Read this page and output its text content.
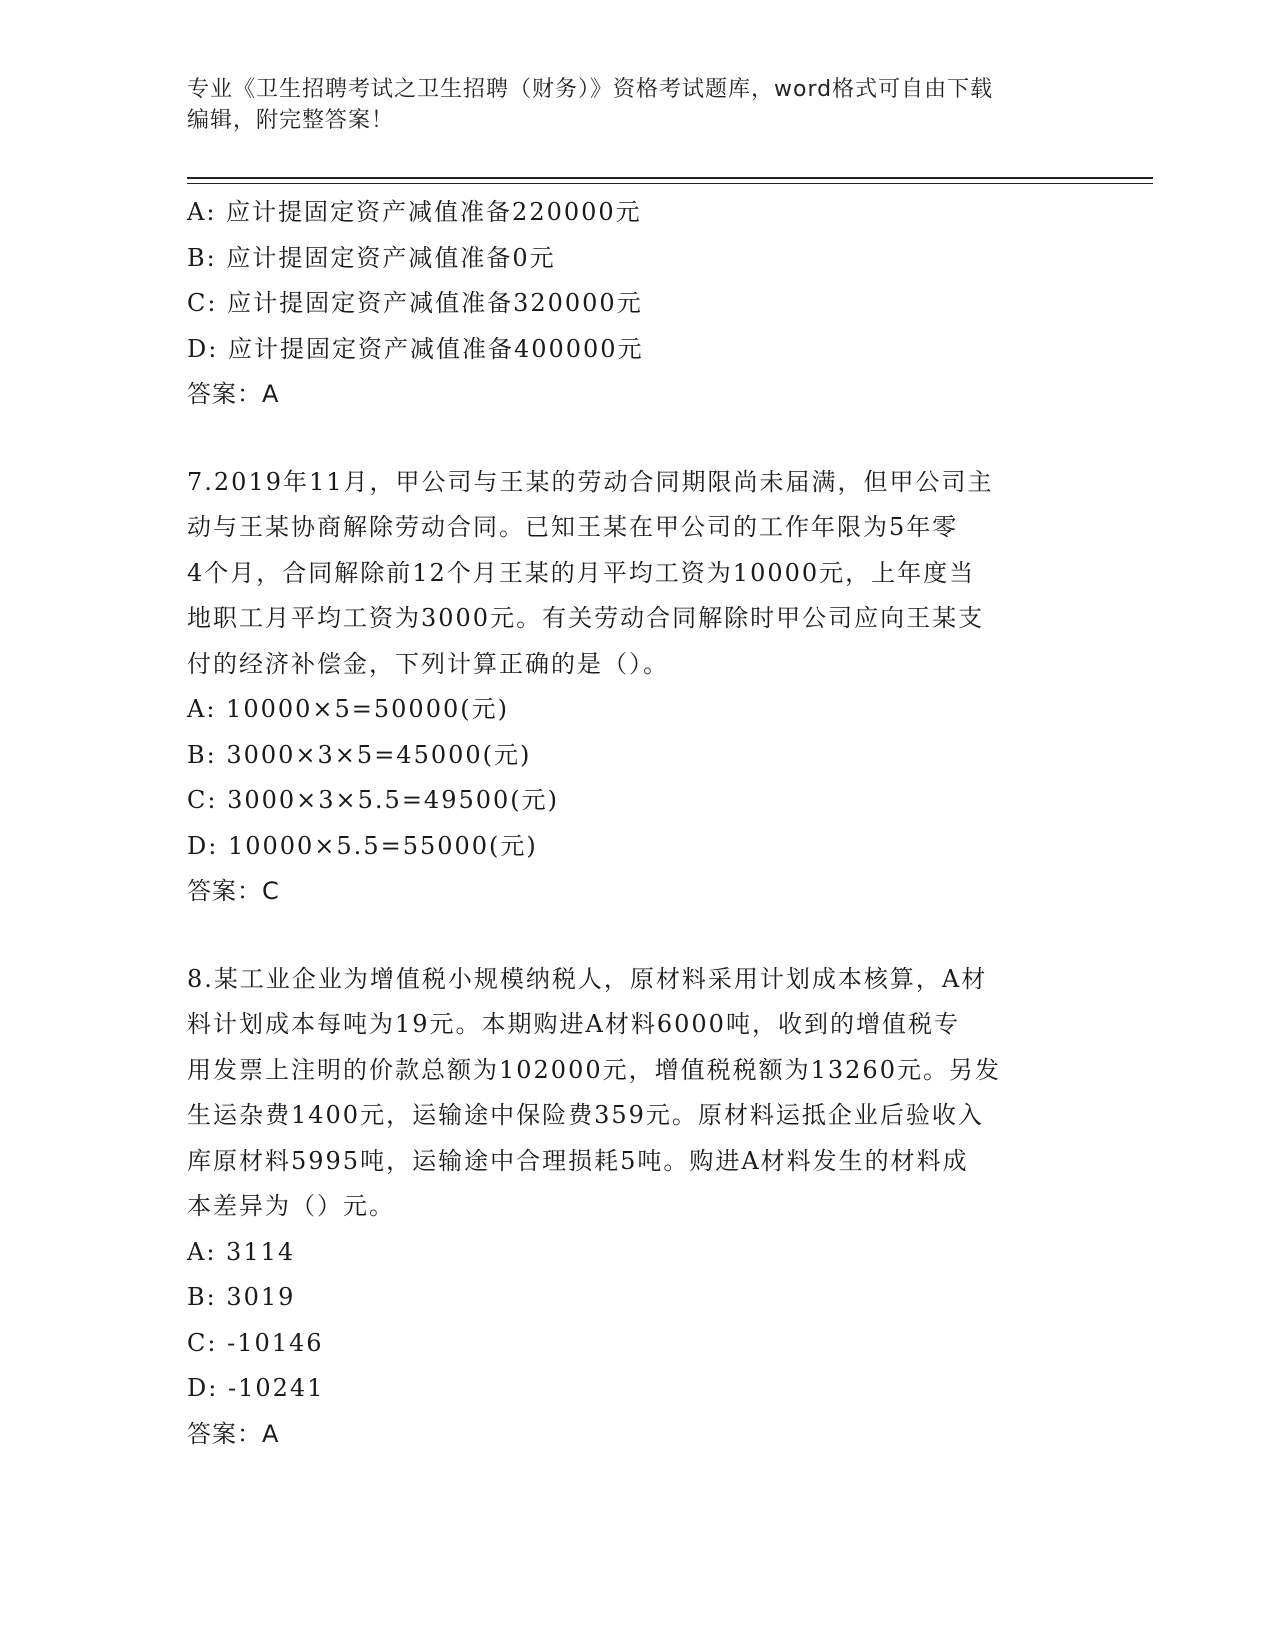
专业《卫生招聘考试之卫生招聘（财务）》资格考试题库，word格式可自由下载
编辑，附完整答案！
A: 应计提固定资产减值准备220000元
B: 应计提固定资产减值准备0元
C: 应计提固定资产减值准备320000元
D: 应计提固定资产减值准备400000元
答案：A
7.2019年11月，甲公司与王某的劳动合同期限尚未届满，但甲公司主
动与王某协商解除劳动合同。已知王某在甲公司的工作年限为5年零
4个月，合同解除前12个月王某的月平均工资为10000元，上年度当
地职工月平均工资为3000元。有关劳动合同解除时甲公司应向王某支
付的经济补偿金，下列计算正确的是（）。
A: 10000×5=50000(元)
B: 3000×3×5=45000(元)
C: 3000×3×5.5=49500(元)
D: 10000×5.5=55000(元)
答案：C
8.某工业企业为增值税小规模纳税人，原材料采用计划成本核算，A材
料计划成本每吨为19元。本期购进A材料6000吨，收到的增值税专
用发票上注明的价款总额为102000元，增值税税额为13260元。另发
生运杂费1400元，运输途中保险费359元。原材料运抵企业后验收入
库原材料5995吨，运输途中合理损耗5吨。购进A材料发生的材料成
本差异为（）元。
A: 3114
B: 3019
C: -10146
D: -10241
答案：A
